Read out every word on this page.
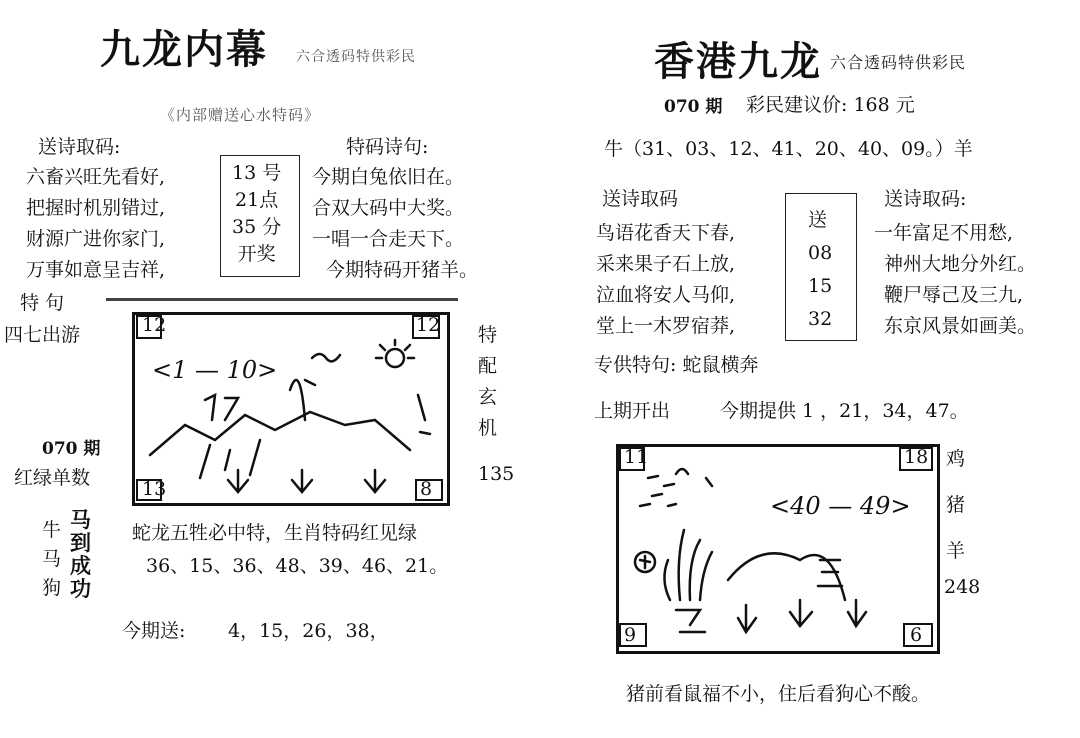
九龙内幕 六合透码特供彩民
《内部赠送心水特码》
送诗取码:	特码诗句:
六畜兴旺先看好,
把握时机别错过,
财源广进你家门,
万事如意呈吉祥,
13 号
21点
35 分
开奖
今期白兔依旧在。
合双大码中大奖。
一唱一合走天下。
今期特码开猪羊。
特 句
四七出游
070 期
红绿单数
12	12
13	8
<1 — 10>
特
配
玄
机
135
牛
马
狗
马
到
成
功
蛇龙五牲必中特，生肖特码红见绿
36、15、36、48、39、46、21。
今期送: 4，15，26，38，
香港九龙 六合透码特供彩民
070 期 彩民建议价: 168 元
牛（31、03、12、41、20、40、09。）羊
送诗取码	送诗取码:
鸟语花香天下春,
采来果子石上放,
泣血将安人马仰,
堂上一木罗宿莽,
送
08
15
32
一年富足不用愁,
神州大地分外红。
鞭尸辱己及三九,
东京风景如画美。
专供特句: 蛇鼠横奔
上期开出	今期提供 1 ，21，34，47。
11	18
9	6
<40 — 49>
鸡
猪
羊
248
猪前看鼠福不小，住后看狗心不酸。
